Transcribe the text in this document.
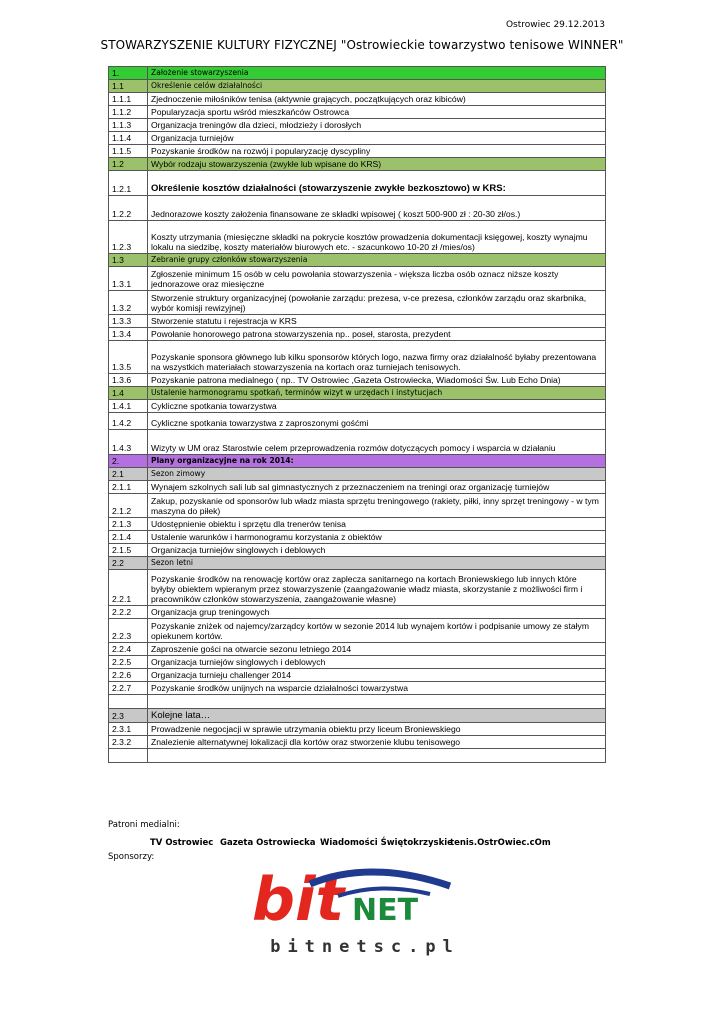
Ostrowiec 29.12.2013
STOWARZYSZENIE KULTURY FIZYCZNEJ "Ostrowieckie towarzystwo tenisowe WINNER"
1.	Założenie stowarzyszenia
1.1	Określenie celów działalności
1.1.1	Zjednoczenie miłośników tenisa (aktywnie grających, początkujących oraz kibiców)
1.1.2	Popularyzacja sportu wśród mieszkańców Ostrowca
1.1.3	Organizacja treningów dla dzieci, młodzieży i dorosłych
1.1.4	Organizacja turniejów
1.1.5	Pozyskanie środków na rozwój i popularyzację dyscypliny
1.2	Wybór rodzaju stowarzyszenia (zwykłe lub wpisane do KRS)
1.2.1	Określenie kosztów działalności (stowarzyszenie zwykłe bezkosztowo) w KRS:
1.2.2	Jednorazowe koszty założenia finansowane ze składki wpisowej ( koszt 500-900 zł : 20-30 zł/os.)
1.2.3	Koszty utrzymania (miesięczne składki na pokrycie kosztów prowadzenia dokumentacji księgowej, koszty wynajmu lokalu na siedzibę, koszty materiałów biurowych etc. - szacunkowo 10-20 zł /mies/os)
1.3	Zebranie grupy członków stowarzyszenia
1.3.1	Zgłoszenie minimum 15 osób w celu powołania stowarzyszenia - większa liczba osób oznacz niższe koszty jednorazowe oraz miesięczne
1.3.2	Stworzenie struktury organizacyjnej (powołanie zarządu: prezesa, v-ce prezesa, członków zarządu oraz skarbnika, wybór komisji rewizyjnej)
1.3.3	Stworzenie statutu i rejestracja w KRS
1.3.4	Powołanie honorowego patrona stowarzyszenia np.. poseł, starosta, prezydent
1.3.5	Pozyskanie sponsora głównego lub kilku sponsorów których logo, nazwa firmy oraz działalność byłaby prezentowana na wszystkich materiałach stowarzyszenia na kortach oraz turniejach tenisowych.
1.3.6	Pozyskanie patrona medialnego ( np.. TV Ostrowiec ,Gazeta Ostrowiecka, Wiadomości Św. Lub Echo Dnia)
1.4	Ustalenie harmonogramu spotkań, terminów wizyt w urzędach i instytucjach
1.4.1	Cykliczne spotkania towarzystwa
1.4.2	Cykliczne spotkania towarzystwa z zaproszonymi gośćmi
1.4.3	Wizyty w UM oraz Starostwie celem przeprowadzenia rozmów dotyczących pomocy i wsparcia w działaniu
2.	Plany organizacyjne na rok 2014:
2.1	Sezon zimowy
2.1.1	Wynajem szkolnych sali lub sal gimnastycznych z przeznaczeniem na treningi oraz organizację turniejów
2.1.2	Zakup, pozyskanie od sponsorów lub władz miasta sprzętu treningowego (rakiety, piłki, inny sprzęt treningowy - w tym maszyna do piłek)
2.1.3	Udostępnienie obiektu i sprzętu dla trenerów tenisa
2.1.4	Ustalenie warunków i harmonogramu korzystania z obiektów
2.1.5	Organizacja turniejów singlowych i deblowych
2.2	Sezon letni
2.2.1	Pozyskanie środków na renowację kortów oraz zaplecza sanitarnego na kortach Broniewskiego lub innych które byłyby obiektem wpieranym przez stowarzyszenie (zaangażowanie władz miasta, skorzystanie z możliwości firm i pracowników członków stowarzyszenia, zaangażowanie własne)
2.2.2	Organizacja grup treningowych
2.2.3	Pozyskanie zniżek od najemcy/zarządcy kortów w sezonie 2014 lub wynajem kortów i podpisanie umowy ze stałym opiekunem kortów.
2.2.4	Zaproszenie gości na otwarcie sezonu letniego 2014
2.2.5	Organizacja turniejów singlowych i deblowych
2.2.6	Organizacja turnieju challenger 2014
2.2.7	Pozyskanie środków unijnych na wsparcie działalności towarzystwa

2.3	Kolejne lata…
2.3.1	Prowadzenie negocjacji w sprawie utrzymania obiektu przy liceum Broniewskiego
2.3.2	Znalezienie alternatywnej lokalizacji dla kortów oraz stworzenie klubu tenisowego

Patroni medialni:
TV Ostrowiec Gazeta Ostrowiecka Wiadomości Świętokrzyskie
tenis.OstrOwiec.cOm
Sponsorzy:
bit NET
bitnetsc.pl
